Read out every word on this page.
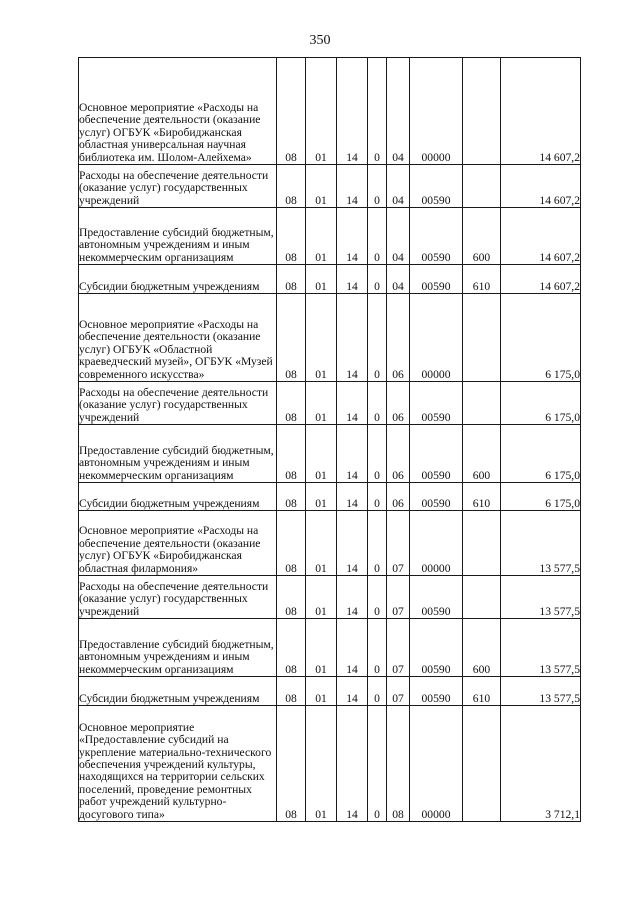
350
Основное мероприятие «Расходы на обеспечение деятельности (оказание услуг) ОГБУК «Биробиджанская областная универсальная научная библиотека им. Шолом-Алейхема»	08	01	14	0	04	00000		14 607,2
Расходы на обеспечение деятельности (оказание услуг) государственных учреждений	08	01	14	0	04	00590		14 607,2
Предоставление субсидий бюджетным, автономным учреждениям и иным некоммерческим организациям	08	01	14	0	04	00590	600	14 607,2
Субсидии бюджетным учреждениям	08	01	14	0	04	00590	610	14 607,2
Основное мероприятие «Расходы на обеспечение деятельности (оказание услуг) ОГБУК «Областной краеведческий музей», ОГБУК «Музей современного искусства»	08	01	14	0	06	00000		6 175,0
Расходы на обеспечение деятельности (оказание услуг) государственных учреждений	08	01	14	0	06	00590		6 175,0
Предоставление субсидий бюджетным, автономным учреждениям и иным некоммерческим организациям	08	01	14	0	06	00590	600	6 175,0
Субсидии бюджетным учреждениям	08	01	14	0	06	00590	610	6 175,0
Основное мероприятие «Расходы на обеспечение деятельности (оказание услуг) ОГБУК «Биробиджанская областная филармония»	08	01	14	0	07	00000		13 577,5
Расходы на обеспечение деятельности (оказание услуг) государственных учреждений	08	01	14	0	07	00590		13 577,5
Предоставление субсидий бюджетным, автономным учреждениям и иным некоммерческим организациям	08	01	14	0	07	00590	600	13 577,5
Субсидии бюджетным учреждениям	08	01	14	0	07	00590	610	13 577,5
Основное мероприятие «Предоставление субсидий на укрепление материально-технического обеспечения учреждений культуры, находящихся на территории сельских поселений, проведение ремонтных работ учреждений культурно-досугового типа»	08	01	14	0	08	00000		3 712,1
